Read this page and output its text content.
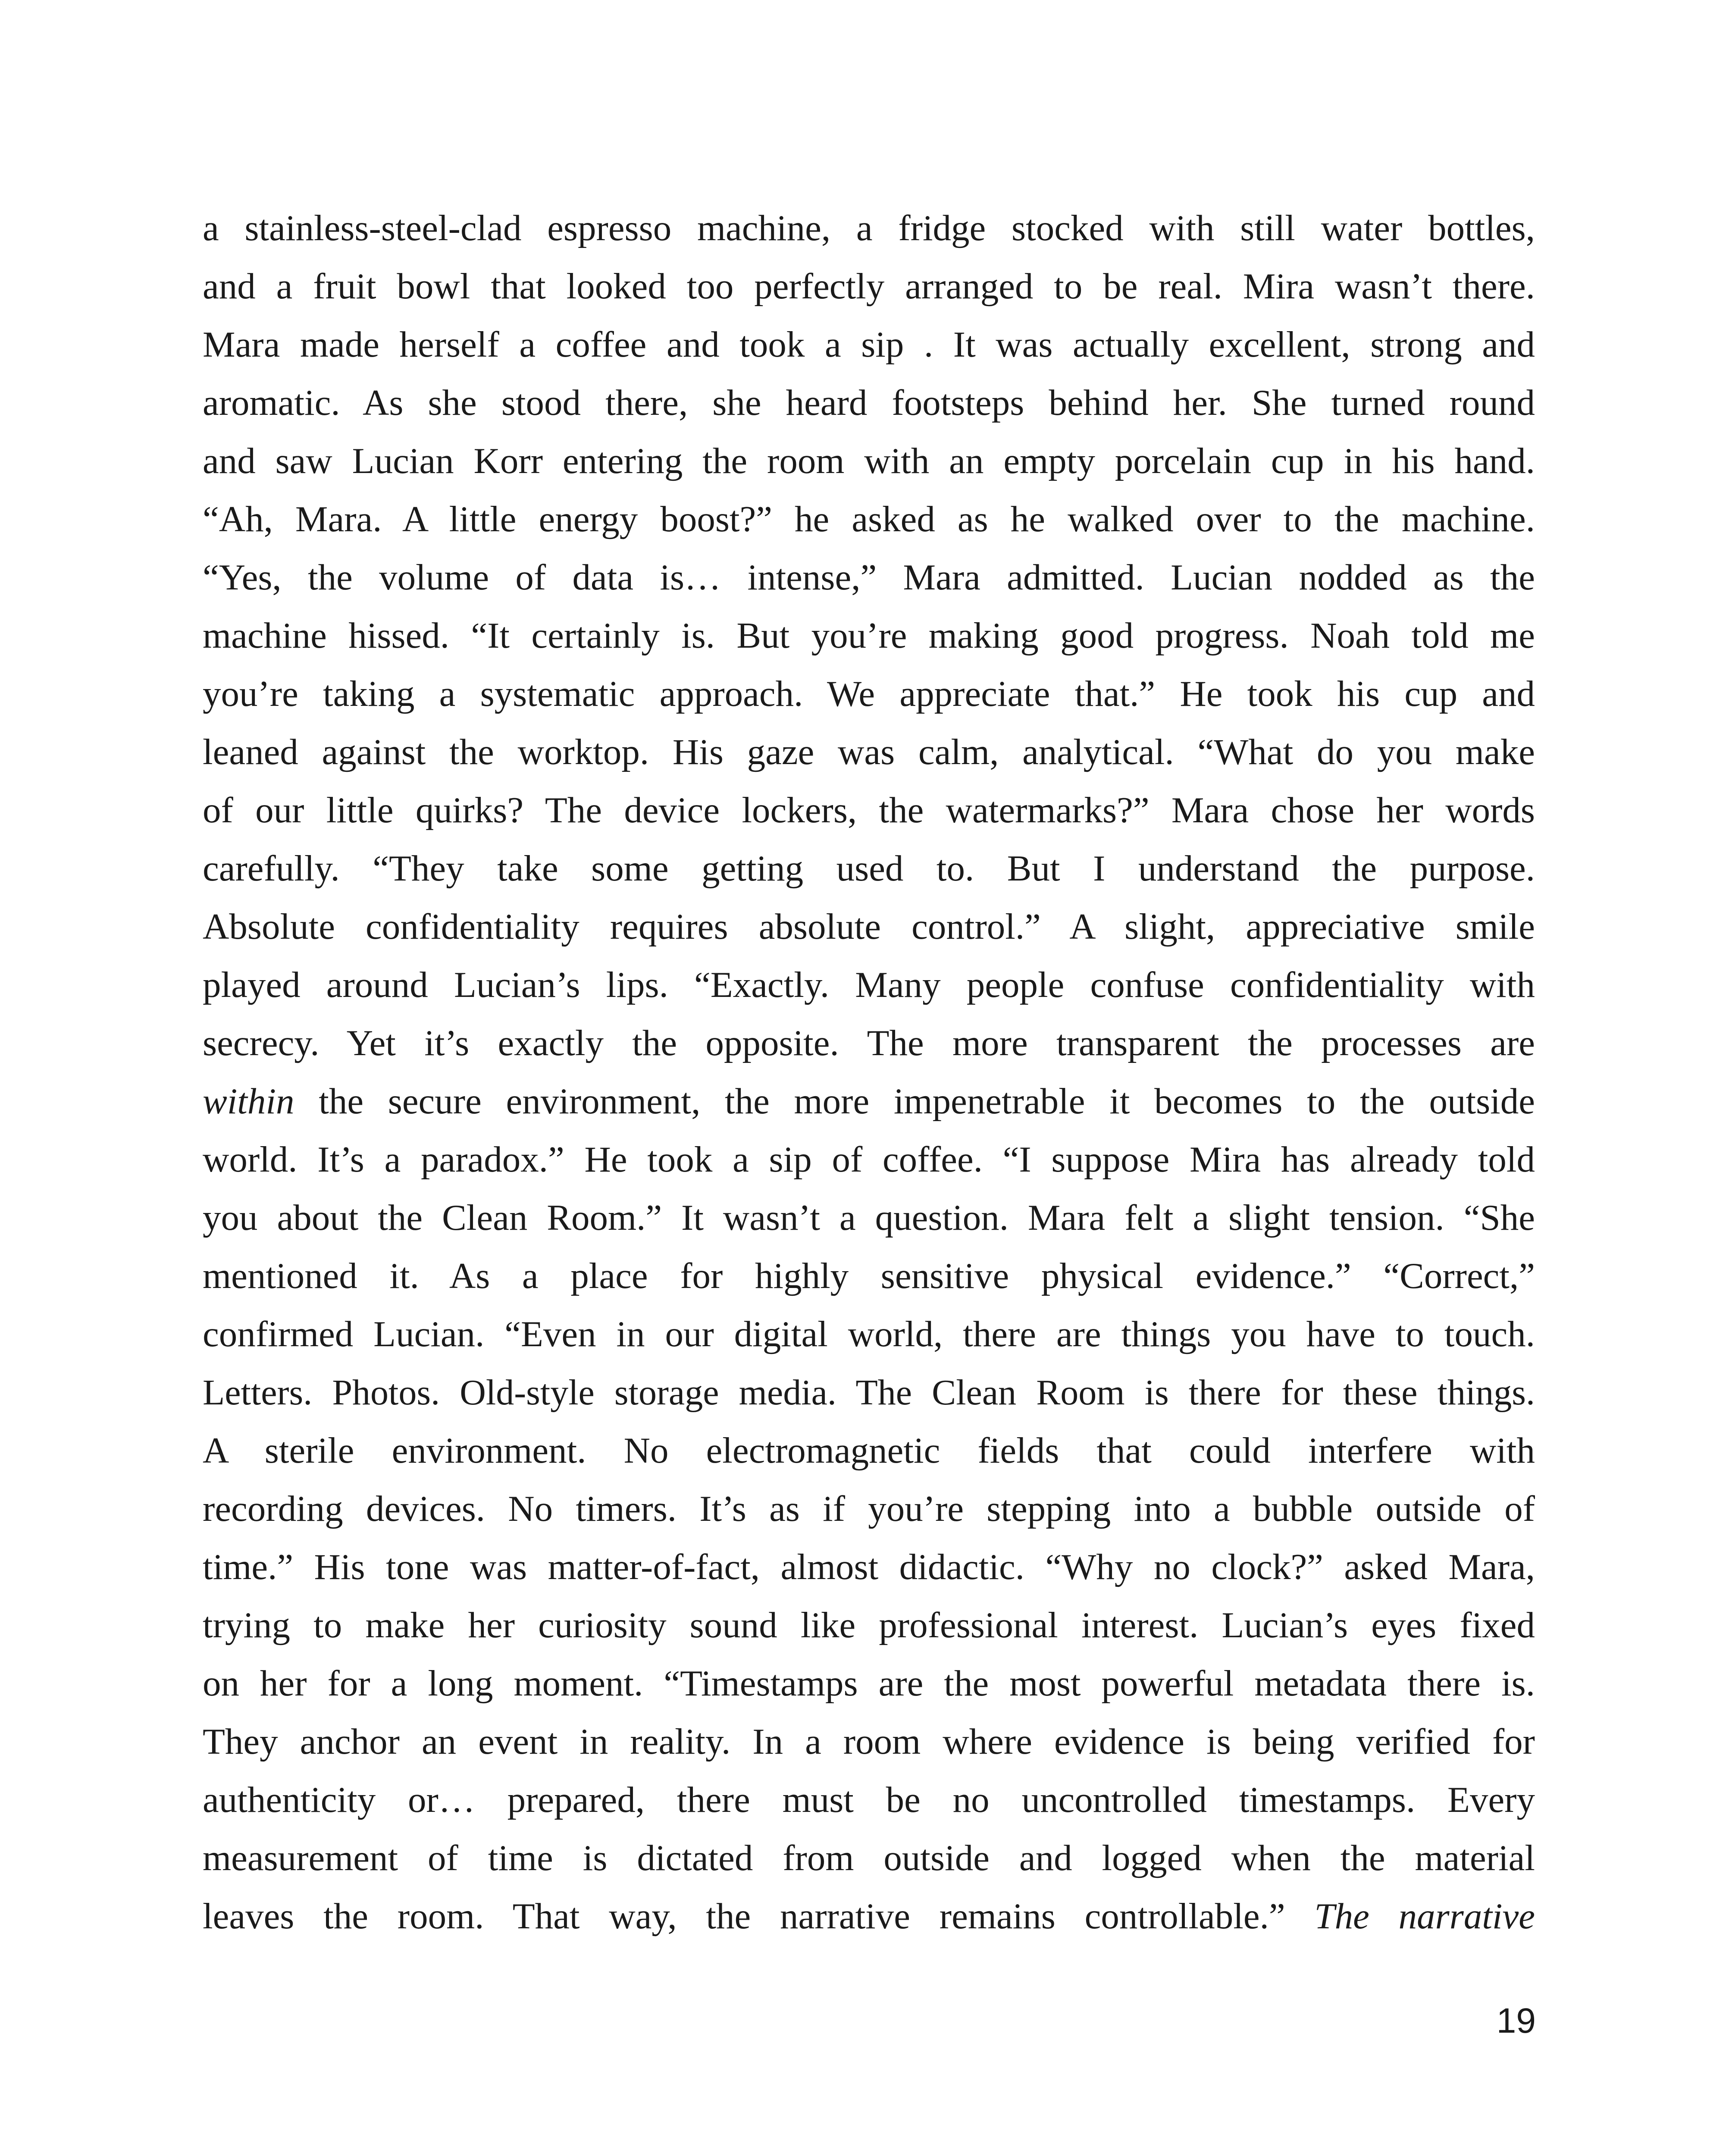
a stainless-steel-clad espresso machine, a fridge stocked with still water bottles,
and a fruit bowl that looked too perfectly arranged to be real. Mira wasn’t there.
Mara made herself a coffee and took a sip . It was actually excellent, strong and
aromatic. As she stood there, she heard footsteps behind her. She turned round
and saw Lucian Korr entering the room with an empty porcelain cup in his hand.
“Ah, Mara. A little energy boost?” he asked as he walked over to the machine.
“Yes, the volume of data is… intense,” Mara admitted. Lucian nodded as the
machine hissed. “It certainly is. But you’re making good progress. Noah told me
you’re taking a systematic approach. We appreciate that.” He took his cup and
leaned against the worktop. His gaze was calm, analytical. “What do you make
of our little quirks? The device lockers, the watermarks?” Mara chose her words
carefully. “They take some getting used to. But I understand the purpose.
Absolute confidentiality requires absolute control.” A slight, appreciative smile
played around Lucian’s lips. “Exactly. Many people confuse confidentiality with
secrecy. Yet it’s exactly the opposite. The more transparent the processes are
within the secure environment, the more impenetrable it becomes to the outside
world. It’s a paradox.” He took a sip of coffee. “I suppose Mira has already told
you about the Clean Room.” It wasn’t a question. Mara felt a slight tension. “She
mentioned it. As a place for highly sensitive physical evidence.” “Correct,”
confirmed Lucian. “Even in our digital world, there are things you have to touch.
Letters. Photos. Old-style storage media. The Clean Room is there for these things.
A sterile environment. No electromagnetic fields that could interfere with
recording devices. No timers. It’s as if you’re stepping into a bubble outside of
time.” His tone was matter-of-fact, almost didactic. “Why no clock?” asked Mara,
trying to make her curiosity sound like professional interest. Lucian’s eyes fixed
on her for a long moment. “Timestamps are the most powerful metadata there is.
They anchor an event in reality. In a room where evidence is being verified for
authenticity or… prepared, there must be no uncontrolled timestamps. Every
measurement of time is dictated from outside and logged when the material
leaves the room. That way, the narrative remains controllable.” The narrative
19
